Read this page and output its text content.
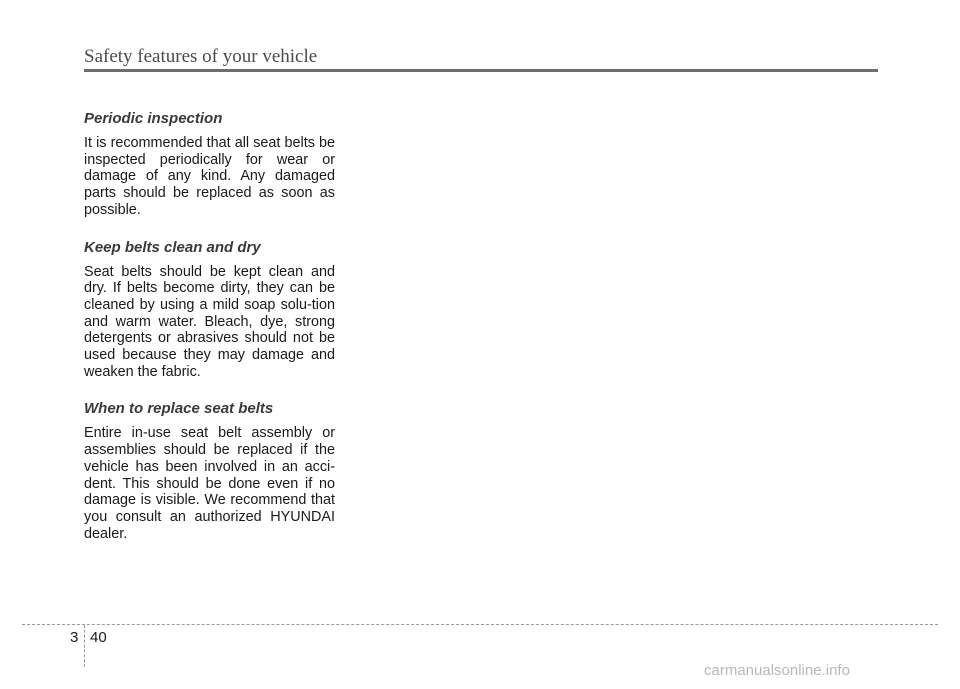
Safety features of your vehicle
Periodic inspection

It is recommended that all seat belts be inspected periodically for wear or damage of any kind. Any damaged parts should be replaced as soon as possible.

Keep belts clean and dry

Seat belts should be kept clean and dry. If belts become dirty, they can be cleaned by using a mild soap solu-tion and warm water. Bleach, dye, strong detergents or abrasives should not be used because they may damage and weaken the fabric.

When to replace seat belts

Entire in-use seat belt assembly or assemblies should be replaced if the vehicle has been involved in an acci-dent. This should be done even if no damage is visible. We recommend that you consult an authorized HYUNDAI dealer.

3 40
carmanualsonline.info
